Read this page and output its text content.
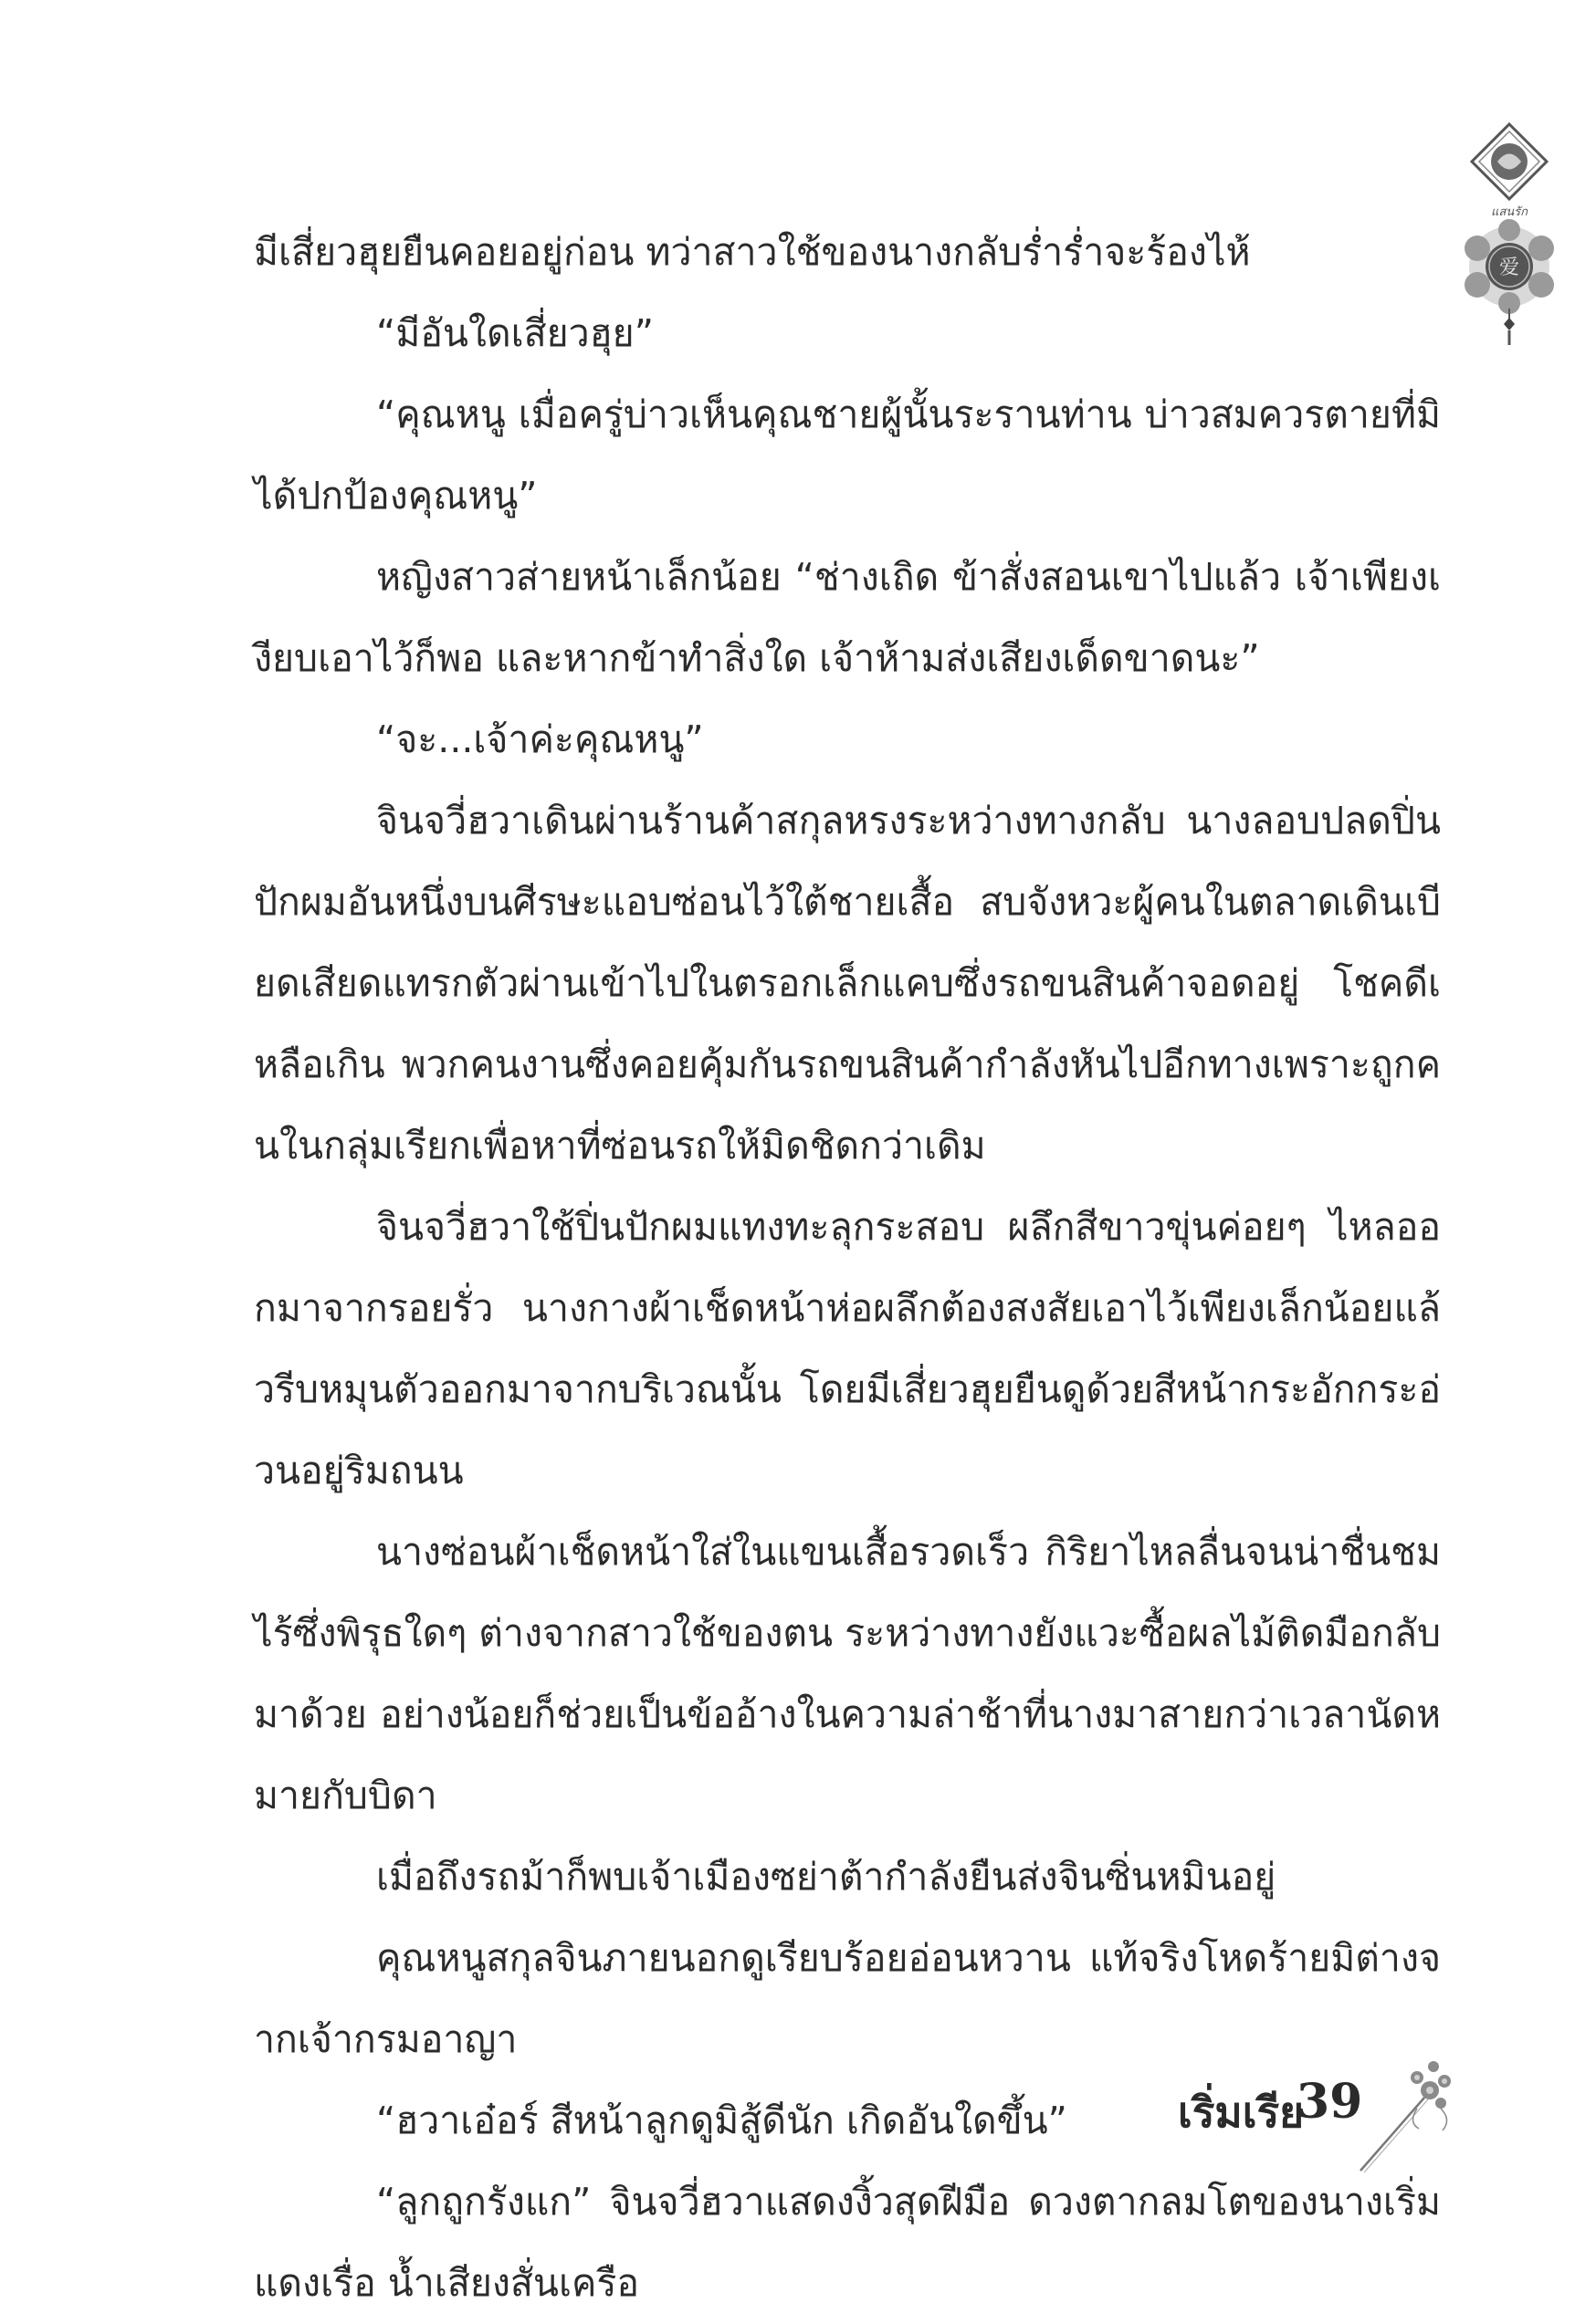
แสนรัก
爱

มีเสี่ยวฮุยยืนคอยอยู่ก่อน ทว่าสาวใช้ของนางกลับร่ำร่ำจะร้องไห้

“มีอันใดเสี่ยวฮุย”

“คุณหนู เมื่อครู่บ่าวเห็นคุณชายผู้นั้นระรานท่าน บ่าวสมควรตายที่มิได้ปกป้องคุณหนู”

หญิงสาวส่ายหน้าเล็กน้อย “ช่างเถิด ข้าสั่งสอนเขาไปแล้ว เจ้าเพียงเงียบเอาไว้ก็พอ และหากข้าทำสิ่งใด เจ้าห้ามส่งเสียงเด็ดขาดนะ”

“จะ...เจ้าค่ะคุณหนู”

จินจวี่ฮวาเดินผ่านร้านค้าสกุลหรงระหว่างทางกลับ นางลอบปลดปิ่นปักผมอันหนึ่งบนศีรษะแอบซ่อนไว้ใต้ชายเสื้อ สบจังหวะผู้คนในตลาดเดินเบียดเสียดแทรกตัวผ่านเข้าไปในตรอกเล็กแคบซึ่งรถขนสินค้าจอดอยู่ โชคดีเหลือเกิน พวกคนงานซึ่งคอยคุ้มกันรถขนสินค้ากำลังหันไปอีกทางเพราะถูกคนในกลุ่มเรียกเพื่อหาที่ซ่อนรถให้มิดชิดกว่าเดิม

จินจวี่ฮวาใช้ปิ่นปักผมแทงทะลุกระสอบ ผลึกสีขาวขุ่นค่อยๆ ไหลออกมาจากรอยรั่ว นางกางผ้าเช็ดหน้าห่อผลึกต้องสงสัยเอาไว้เพียงเล็กน้อยแล้วรีบหมุนตัวออกมาจากบริเวณนั้น โดยมีเสี่ยวฮุยยืนดูด้วยสีหน้ากระอักกระอ่วนอยู่ริมถนน

นางซ่อนผ้าเช็ดหน้าใส่ในแขนเสื้อรวดเร็ว กิริยาไหลลื่นจนน่าชื่นชมไร้ซึ่งพิรุธใดๆ ต่างจากสาวใช้ของตน ระหว่างทางยังแวะซื้อผลไม้ติดมือกลับมาด้วย อย่างน้อยก็ช่วยเป็นข้ออ้างในความล่าช้าที่นางมาสายกว่าเวลานัดหมายกับบิดา

เมื่อถึงรถม้าก็พบเจ้าเมืองซย่าต้ากำลังยืนส่งจินซิ่นหมินอยู่

คุณหนูสกุลจินภายนอกดูเรียบร้อยอ่อนหวาน แท้จริงโหดร้ายมิต่างจากเจ้ากรมอาญา

“ฮวาเอ๋อร์ สีหน้าลูกดูมิสู้ดีนัก เกิดอันใดขึ้น”

“ลูกถูกรังแก” จินจวี่ฮวาแสดงงิ้วสุดฝีมือ ดวงตากลมโตของนางเริ่มแดงเรื่อ น้ำเสียงสั่นเครือ

เริ่มเรีย
39
